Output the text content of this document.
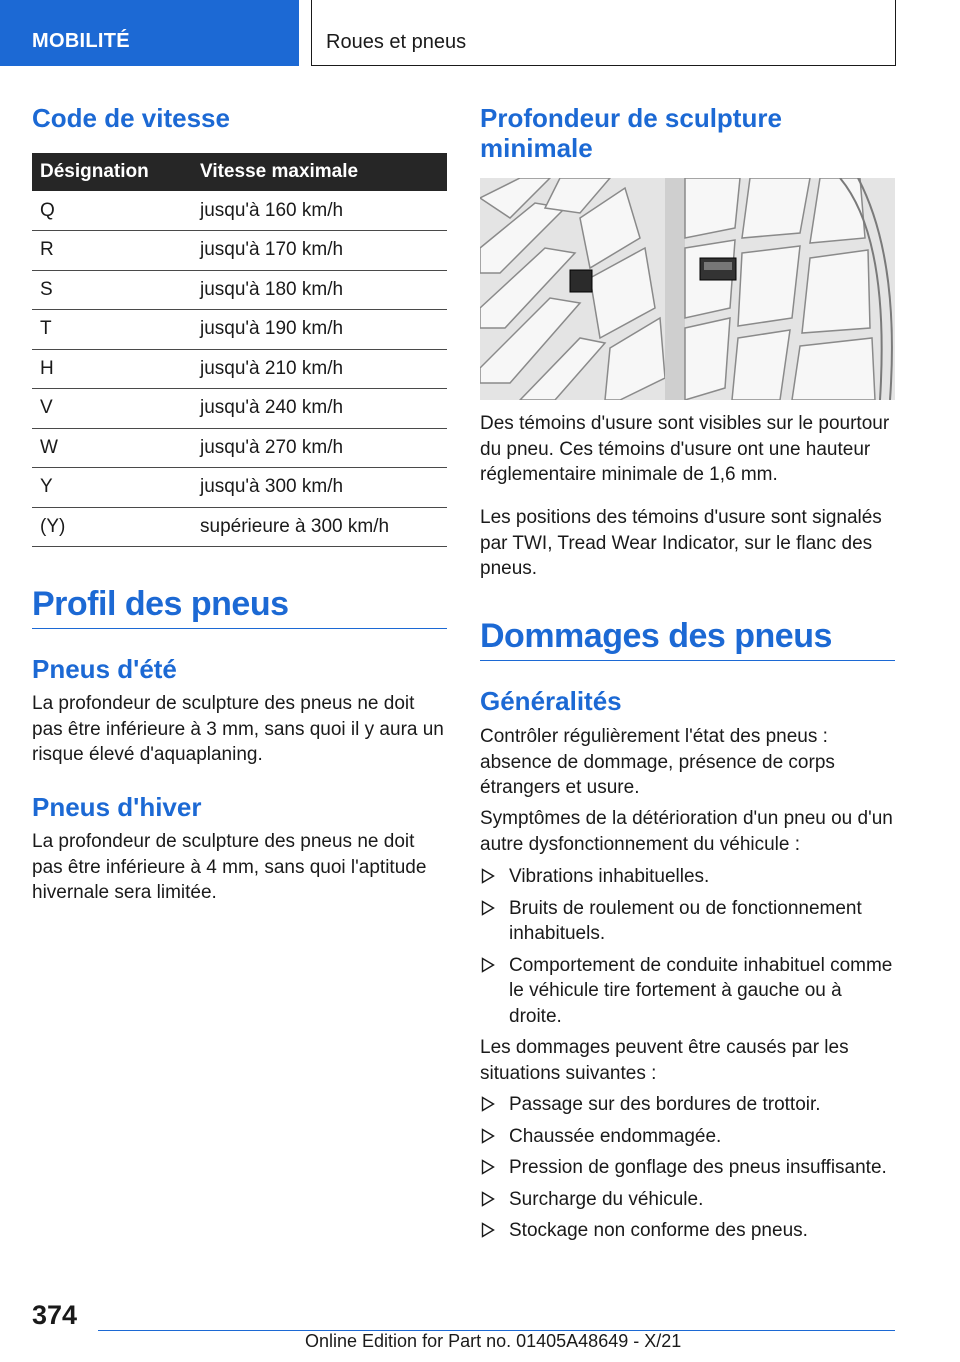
MOBILITÉ	Roues et pneus
Code de vitesse
Désignation	Vitesse maximale
Q	jusqu'à 160 km/h
R	jusqu'à 170 km/h
S	jusqu'à 180 km/h
T	jusqu'à 190 km/h
H	jusqu'à 210 km/h
V	jusqu'à 240 km/h
W	jusqu'à 270 km/h
Y	jusqu'à 300 km/h
(Y)	supérieure à 300 km/h
Profil des pneus
Pneus d'été

La profondeur de sculpture des pneus ne doit pas être inférieure à 3 mm, sans quoi il y aura un risque élevé d'aquaplaning.

Pneus d'hiver

La profondeur de sculpture des pneus ne doit pas être inférieure à 4 mm, sans quoi l'aptitude hivernale sera limitée.

Profondeur de sculpture minimale

Des témoins d'usure sont visibles sur le pourtour du pneu. Ces témoins d'usure ont une hauteur réglementaire minimale de 1,6 mm.

Les positions des témoins d'usure sont signalés par TWI, Tread Wear Indicator, sur le flanc des pneus.

Dommages des pneus
Généralités

Contrôler régulièrement l'état des pneus : absence de dommage, présence de corps étrangers et usure.

Symptômes de la détérioration d'un pneu ou d'un autre dysfonctionnement du véhicule :

Vibrations inhabituelles.
Bruits de roulement ou de fonctionnement inhabituels.
Comportement de conduite inhabituel comme le véhicule tire fortement à gauche ou à droite.

Les dommages peuvent être causés par les situations suivantes :

Passage sur des bordures de trottoir.
Chaussée endommagée.
Pression de gonflage des pneus insuffisante.
Surcharge du véhicule.
Stockage non conforme des pneus.
374
Online Edition for Part no. 01405A48649 - X/21
